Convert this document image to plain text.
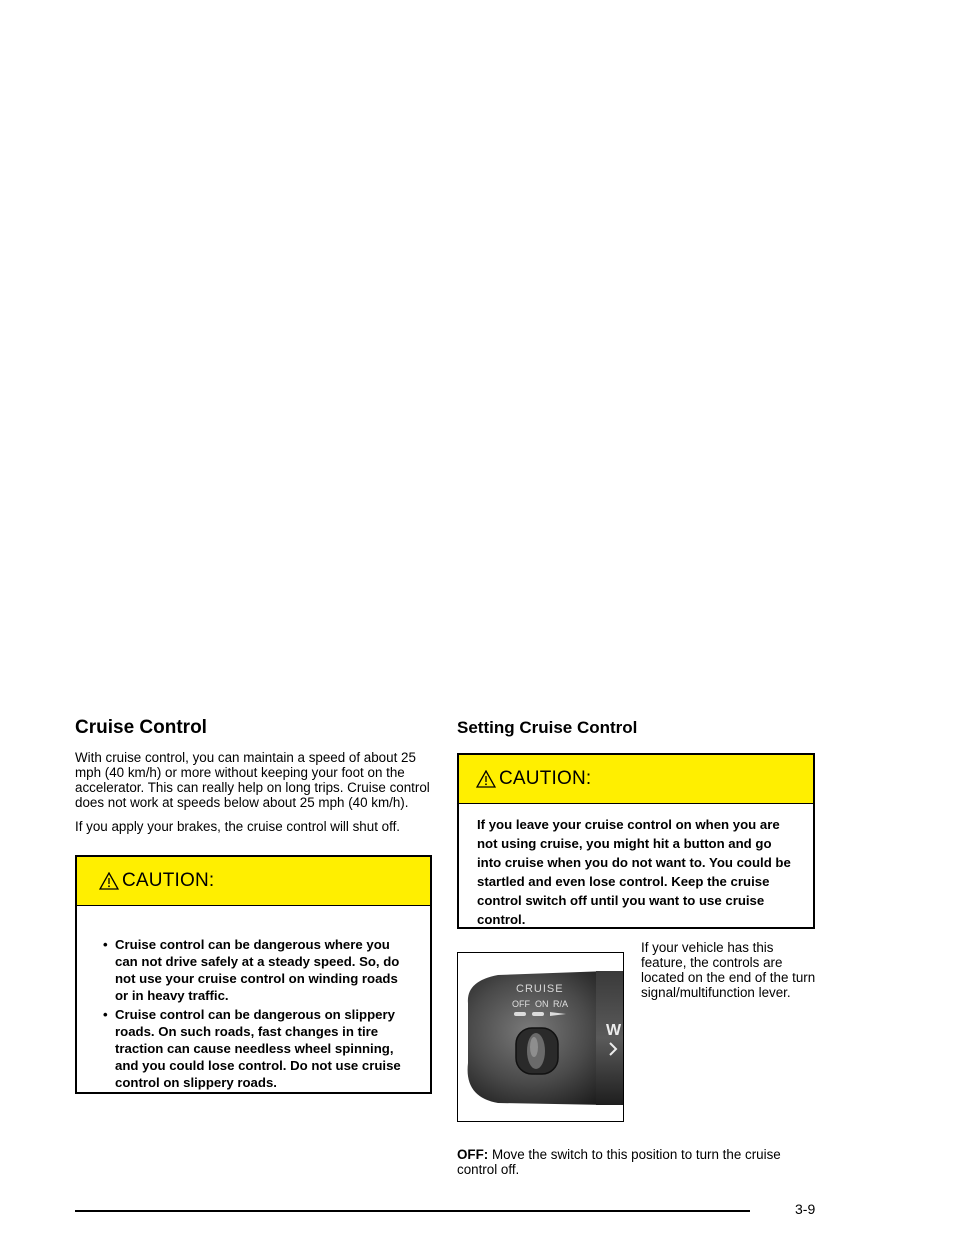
Cruise Control

With cruise control, you can maintain a speed of about 25 mph (40 km/h) or more without keeping your foot on the accelerator. This can really help on long trips. Cruise control does not work at speeds below about 25 mph (40 km/h).

If you apply your brakes, the cruise control will shut off.

CAUTION:
• Cruise control can be dangerous where you can not drive safely at a steady speed. So, do not use your cruise control on winding roads or in heavy traffic.
• Cruise control can be dangerous on slippery roads. On such roads, fast changes in tire traction can cause needless wheel spinning, and you could lose control. Do not use cruise control on slippery roads.
Setting Cruise Control
CAUTION:
If you leave your cruise control on when you are not using cruise, you might hit a button and go into cruise when you do not want to. You could be startled and even lose control. Keep the cruise control switch off until you want to use cruise control.
CRUISE
OFF ON R/A
W
If your vehicle has this feature, the controls are located on the end of the turn signal/multifunction lever.
OFF: Move the switch to this position to turn the cruise control off.
3-9
